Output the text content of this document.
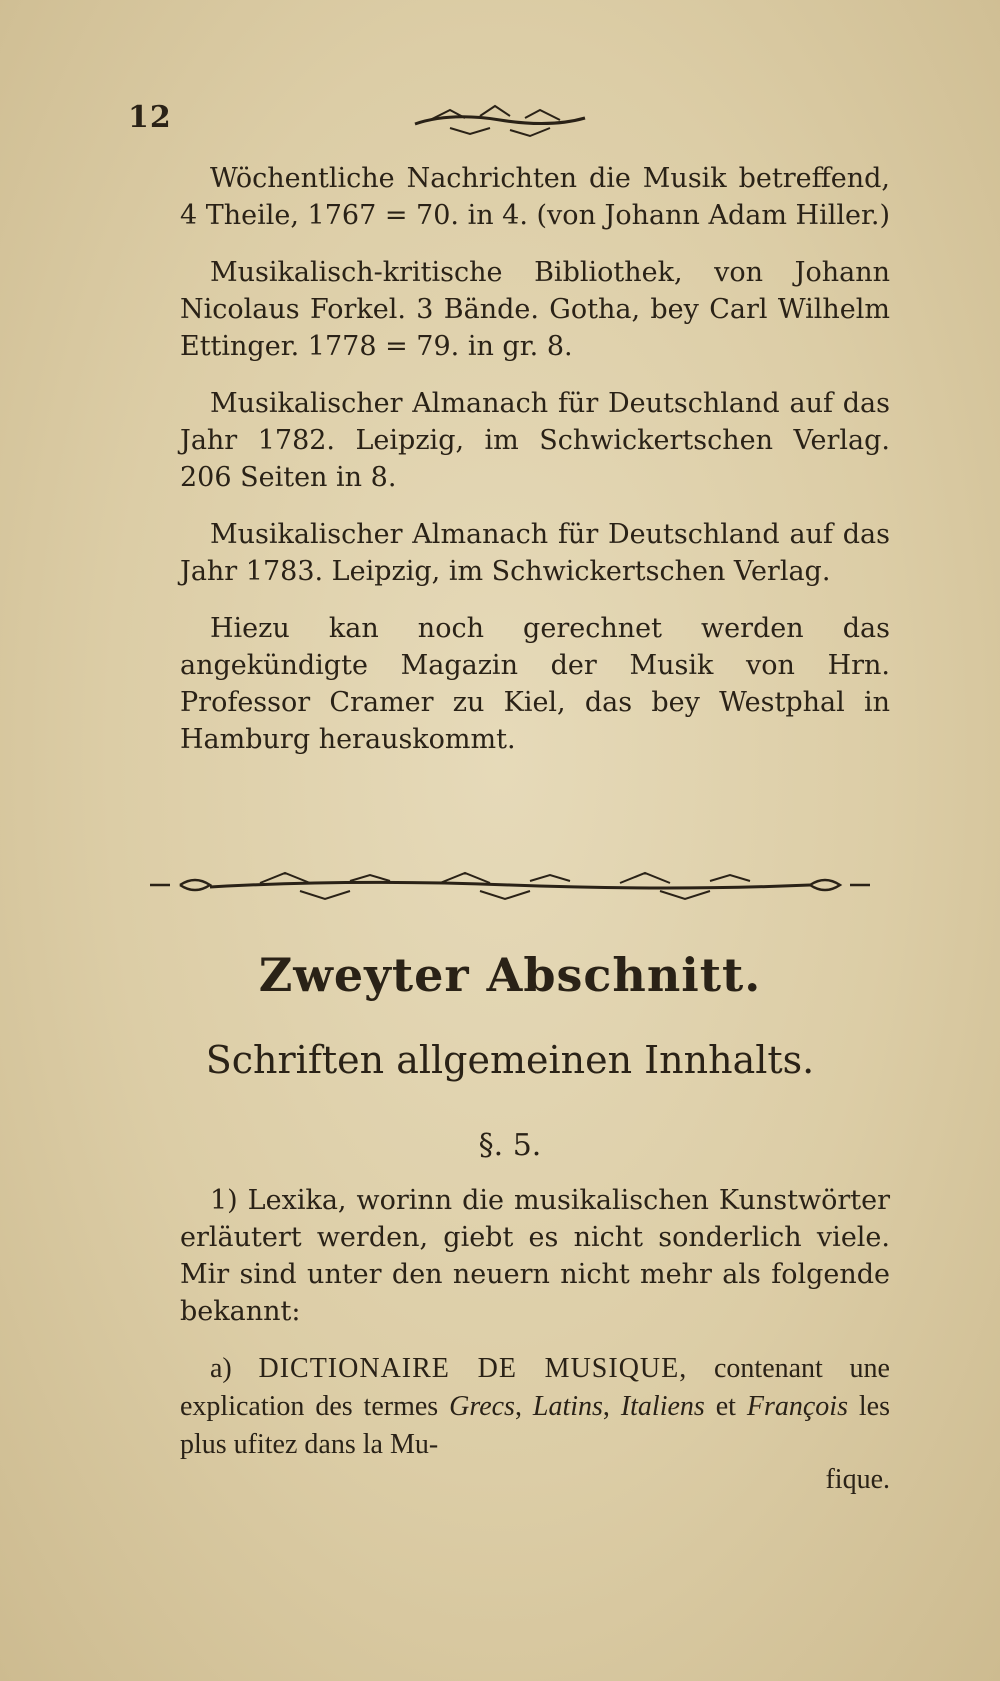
12

Wöchentliche Nachrichten die Musik betreffend, 4 Theile, 1767 = 70. in 4. (von Johann Adam Hiller.)

Musikalisch-kritische Bibliothek, von Johann Nicolaus Forkel. 3 Bände. Gotha, bey Carl Wilhelm Ettinger. 1778 = 79. in gr. 8.

Musikalischer Almanach für Deutschland auf das Jahr 1782. Leipzig, im Schwickertschen Verlag. 206 Seiten in 8.

Musikalischer Almanach für Deutschland auf das Jahr 1783. Leipzig, im Schwickertschen Verlag.

Hiezu kan noch gerechnet werden das angekündigte Magazin der Musik von Hrn. Professor Cramer zu Kiel, das bey Westphal in Hamburg herauskommt.

Zweyter Abschnitt.
Schriften allgemeinen Innhalts.
§. 5.

1) Lexika, worinn die musikalischen Kunstwörter erläutert werden, giebt es nicht sonderlich viele. Mir sind unter den neuern nicht mehr als folgende bekannt:

a) DICTIONAIRE DE MUSIQUE, contenant une explication des termes Grecs, Latins, Italiens et François les plus ufitez dans la Mu-

fique.
